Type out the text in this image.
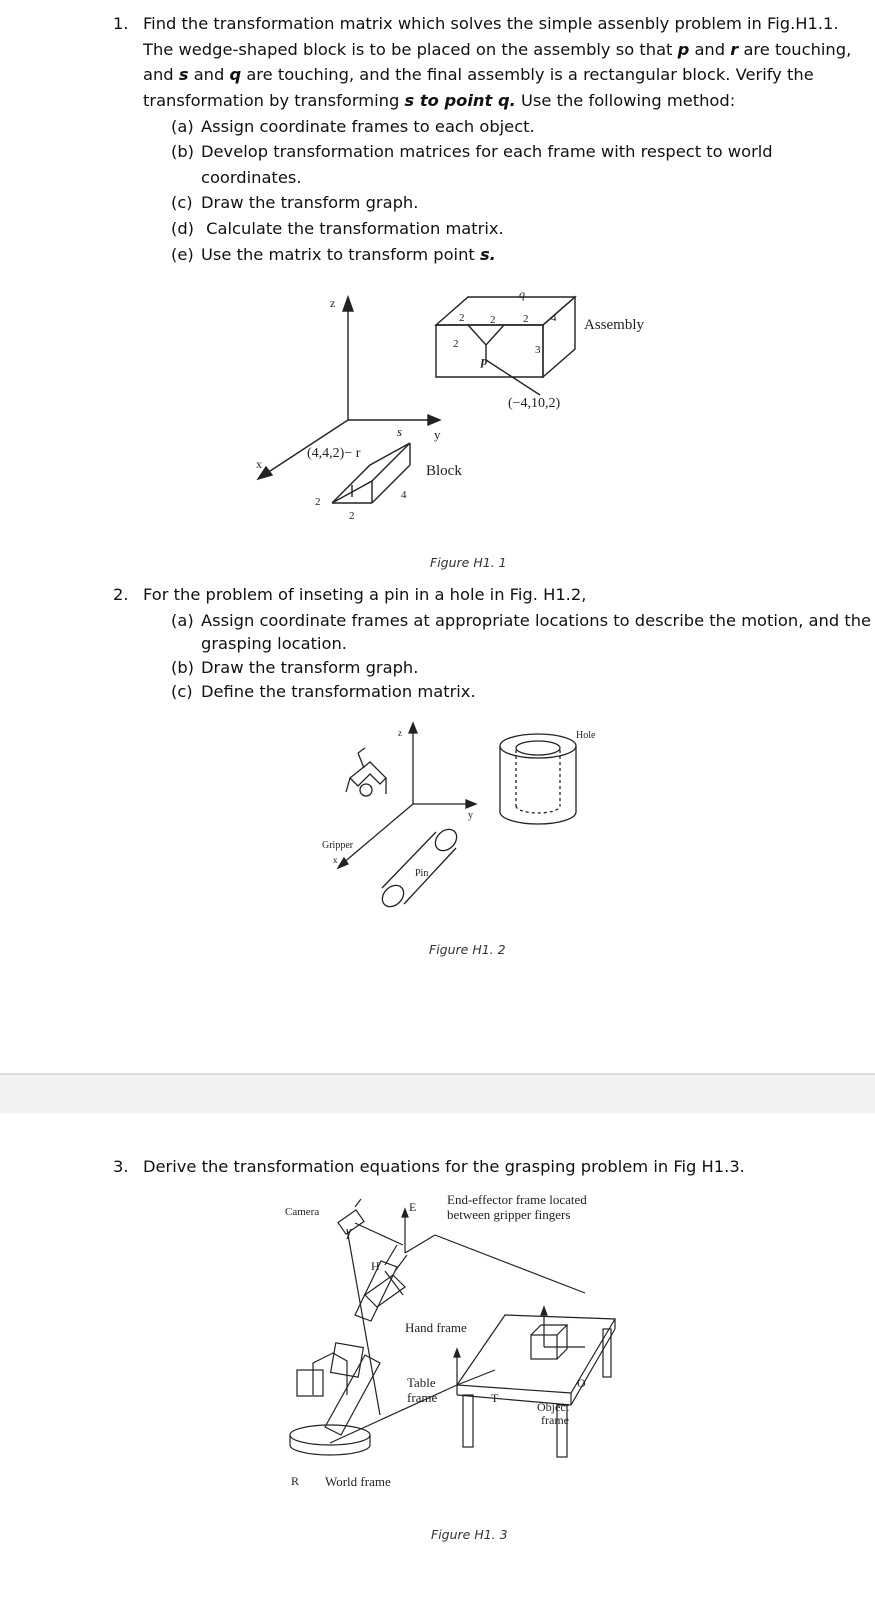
1. Find the transformation matrix which solves the simple assenbly problem in Fig.H1.1.
The wedge-shaped block is to be placed on the assembly so that p and r are touching,
and s and q are touching, and the final assembly is a rectangular block. Verify the
transformation by transforming s to point q. Use the following method:
(a) Assign coordinate frames to each object.
(b) Develop transformation matrices for each frame with respect to world
coordinates.
(c) Draw the transform graph.
(d) Calculate the transformation matrix.
(e) Use the matrix to transform point s.
z
x
y
s
(4,4,2)− r
Block
Assembly
(−4,10,2)
p
q
2 2
2
2 4
3
2
2
4
Figure H1. 1
2. For the problem of inseting a pin in a hole in Fig. H1.2,
(a) Assign coordinate frames at appropriate locations to describe the motion, and the
grasping location.
(b) Draw the transform graph.
(c) Define the transformation matrix.
z
x
y
Gripper
Pin
Hole
Figure H1. 2
3. Derive the transformation equations for the grasping problem in Fig H1.3.
Camera	E End-effector frame located
between gripper fingers
H
Hand frame
Table
frame	T
O
Object
frame
R World frame
Figure H1. 3
